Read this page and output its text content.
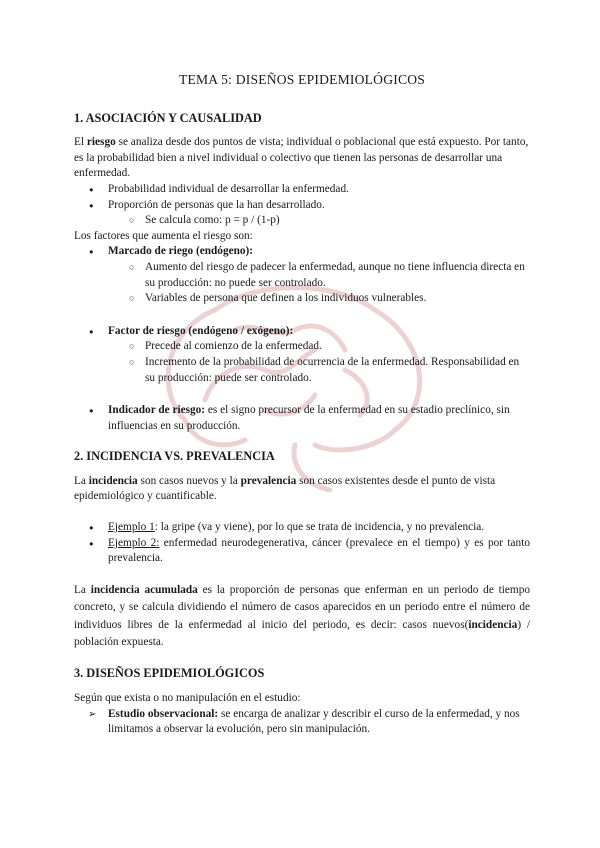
TEMA 5: DISEÑOS EPIDEMIOLÓGICOS
1. ASOCIACIÓN Y CAUSALIDAD

El riesgo se analiza desde dos puntos de vista; individual o poblacional que está expuesto. Por tanto, es la probabilidad bien a nivel individual o colectivo que tienen las personas de desarrollar una enfermedad.

● Probabilidad individual de desarrollar la enfermedad.
● Proporción de personas que la han desarrollado.
○ Se calcula como: p = p / (1-p)

Los factores que aumenta el riesgo son:

● Marcado de riego (endógeno):
○ Aumento del riesgo de padecer la enfermedad, aunque no tiene influencia directa en su producción: no puede ser controlado.
○ Variables de persona que definen a los individuos vulnerables.
● Factor de riesgo (endógeno / exógeno):
○ Precede al comienzo de la enfermedad.
○ Incremento de la probabilidad de ocurrencia de la enfermedad. Responsabilidad en su producción: puede ser controlado.
● Indicador de riesgo: es el signo precursor de la enfermedad en su estadio preclínico, sin influencias en su producción.
2. INCIDENCIA VS. PREVALENCIA

La incidencia son casos nuevos y la prevalencia son casos existentes desde el punto de vista epidemiológico y cuantificable.

● Ejemplo 1: la gripe (va y viene), por lo que se trata de incidencia, y no prevalencia.
● Ejemplo 2: enfermedad neurodegenerativa, cáncer (prevalece en el tiempo) y es por tanto prevalencia.

La incidencia acumulada es la proporción de personas que enferman en un periodo de tiempo concreto, y se calcula dividiendo el número de casos aparecidos en un periodo entre el número de individuos libres de la enfermedad al inicio del periodo, es decir: casos nuevos(incidencia) / población expuesta.

3. DISEÑOS EPIDEMIOLÓGICOS

Según que exista o no manipulación en el estudio:

➢ Estudio observacional: se encarga de analizar y describir el curso de la enfermedad, y nos limitamos a observar la evolución, pero sin manipulación.
